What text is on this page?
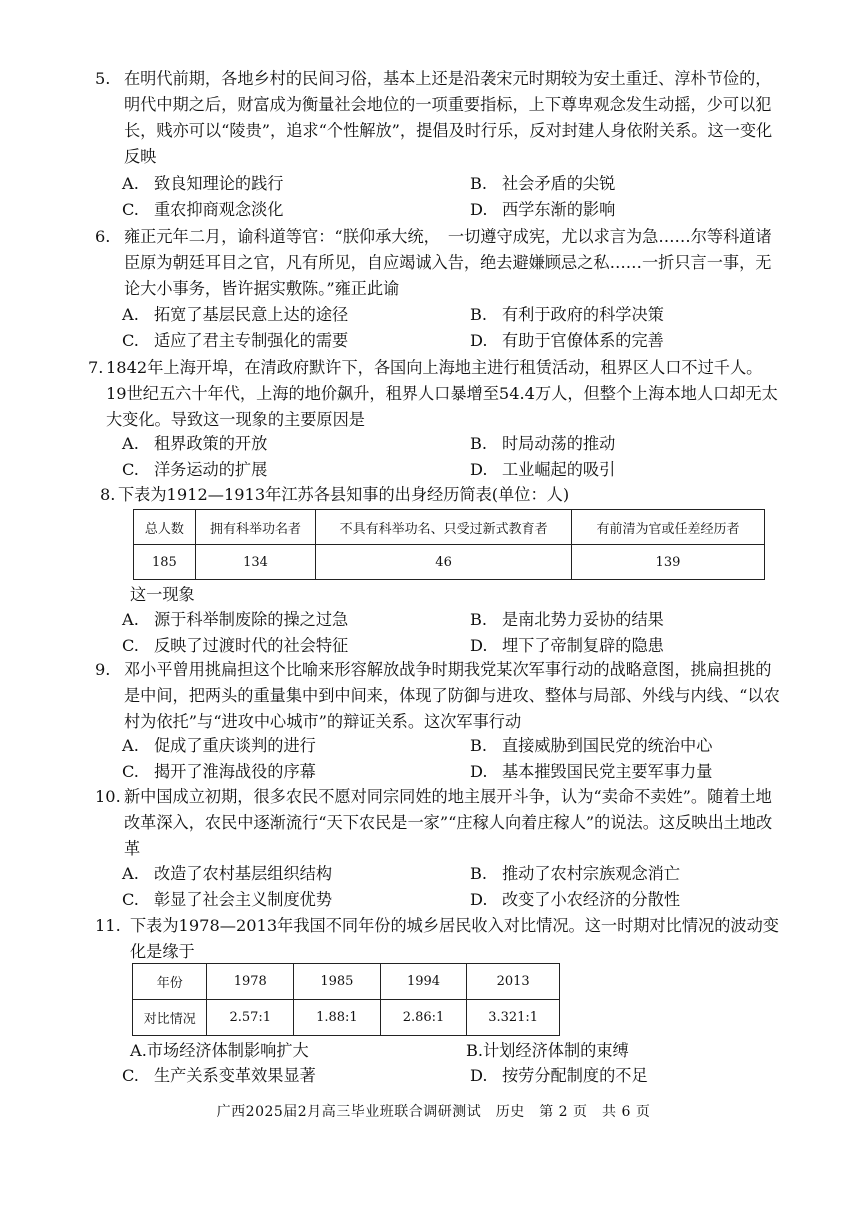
5. 在明代前期，各地乡村的民间习俗，基本上还是沿袭宋元时期较为安土重迁、淳朴节俭的，明代中期之后，财富成为衡量社会地位的一项重要指标，上下尊卑观念发生动摇，少可以犯长，贱亦可以“陵贵”，追求“个性解放”，提倡及时行乐，反对封建人身依附关系。这一变化反映

A. 致良知理论的践行	B. 社会矛盾的尖锐
C. 重农抑商观念淡化	D. 西学东渐的影响
6. 雍正元年二月，谕科道等官：“朕仰承大统，　一切遵守成宪，尤以求言为急……尔等科道诸臣原为朝廷耳目之官，凡有所见，自应竭诚入告，绝去避嫌顾忌之私……一折只言一事，无论大小事务，皆许据实敷陈。”雍正此谕

A. 拓宽了基层民意上达的途径	B. 有利于政府的科学决策
C. 适应了君主专制强化的需要	D. 有助于官僚体系的完善
7. 1842年上海开埠，在清政府默许下，各国向上海地主进行租赁活动，租界区人口不过千人。19世纪五六十年代，上海的地价飙升，租界人口暴增至54.4万人，但整个上海本地人口却无太大变化。导致这一现象的主要原因是

A. 租界政策的开放	B. 时局动荡的推动
C. 洋务运动的扩展	D. 工业崛起的吸引
8. 下表为1912—1913年江苏各县知事的出身经历简表(单位：人)

总人数	拥有科举功名者	不具有科举功名、只受过新式教育者	有前清为官或任差经历者
185	134	46	139
这一现象
A. 源于科举制废除的操之过急	B. 是南北势力妥协的结果
C. 反映了过渡时代的社会特征	D. 埋下了帝制复辟的隐患
9. 邓小平曾用挑扁担这个比喻来形容解放战争时期我党某次军事行动的战略意图，挑扁担挑的是中间，把两头的重量集中到中间来，体现了防御与进攻、整体与局部、外线与内线、“以农村为依托”与“进攻中心城市”的辩证关系。这次军事行动

A. 促成了重庆谈判的进行	B. 直接威胁到国民党的统治中心
C. 揭开了淮海战役的序幕	D. 基本摧毁国民党主要军事力量
10. 新中国成立初期，很多农民不愿对同宗同姓的地主展开斗争，认为“卖命不卖姓”。随着土地改革深入，农民中逐渐流行“天下农民是一家”“庄稼人向着庄稼人”的说法。这反映出土地改革

A. 改造了农村基层组织结构	B. 推动了农村宗族观念消亡
C. 彰显了社会主义制度优势	D. 改变了小农经济的分散性
11. 下表为1978—2013年我国不同年份的城乡居民收入对比情况。这一时期对比情况的波动变化是缘于

年份	1978	1985	1994	2013
对比情况	2.57:1	1.88:1	2.86:1	3.321:1
A.市场经济体制影响扩大	B.计划经济体制的束缚
C. 生产关系变革效果显著	D. 按劳分配制度的不足
广西2025届2月高三毕业班联合调研测试　历史　第 2 页　共 6 页
